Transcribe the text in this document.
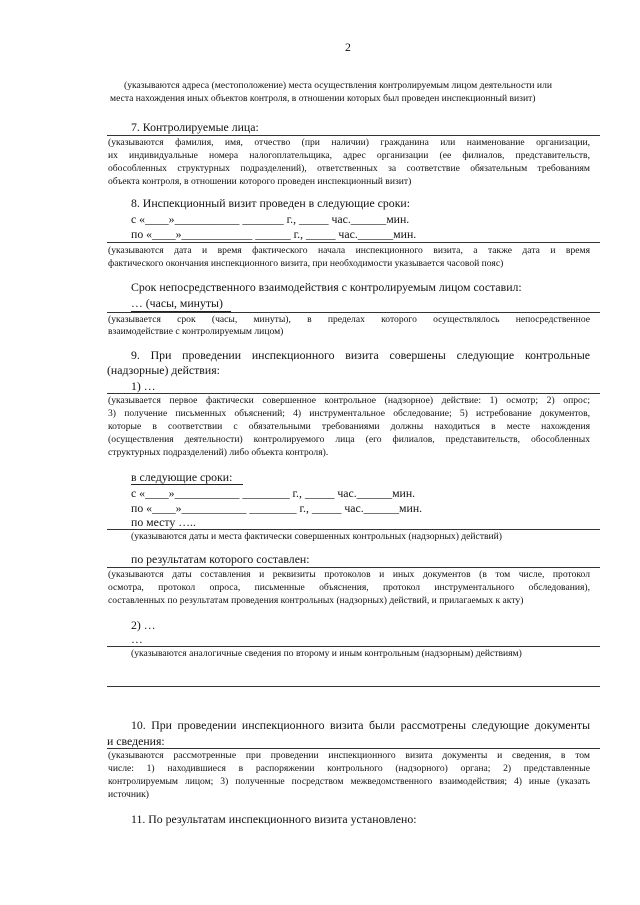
2

(указываются адреса (местоположение) места осуществления контролируемым лицом деятельности или

места нахождения иных объектов контроля, в отношении которых был проведен инспекционный визит)

7. Контролируемые лица:

(указываются фамилия, имя, отчество (при наличии) гражданина или наименование организации,

их индивидуальные номера налогоплательщика, адрес организации (ее филиалов, представительств,

обособленных структурных подразделений), ответственных за соответствие обязательным требованиям

объекта контроля, в отношении которого проведен инспекционный визит)

8. Инспекционный визит проведен в следующие сроки:

с «____»___________ _______ г., _____ час.______мин.

по «____»____________ ______ г., _____ час.______мин.

(указываются дата и время фактического начала инспекционного визита, а также дата и время

фактического окончания инспекционного визита, при необходимости указывается часовой пояс)

Срок непосредственного взаимодействия с контролируемым лицом составил:

… (часы, минуты)

(указывается срок (часы, минуты), в пределах которого осуществлялось непосредственное

взаимодействие с контролируемым лицом)

9. При проведении инспекционного визита совершены следующие контрольные

(надзорные) действия:

1) …

(указывается первое фактически совершенное контрольное (надзорное) действие: 1) осмотр; 2) опрос;

3) получение письменных объяснений; 4) инструментальное обследование; 5) истребование документов,

которые в соответствии с обязательными требованиями должны находиться в месте нахождения

(осуществления деятельности) контролируемого лица (его филиалов, представительств, обособленных

структурных подразделений) либо объекта контроля).

в следующие сроки:

с «____»___________ ________ г., _____ час.______мин.

по «____»___________ ________ г., _____ час.______мин.

по месту …..

(указываются даты и места фактически совершенных контрольных (надзорных) действий)

по результатам которого составлен:

(указываются даты составления и реквизиты протоколов и иных документов (в том числе, протокол

осмотра, протокол опроса, письменные объяснения, протокол инструментального обследования),

составленных по результатам проведения контрольных (надзорных) действий, и прилагаемых к акту)

2) …

…

(указываются аналогичные сведения по второму и иным контрольным (надзорным) действиям)

10. При проведении инспекционного визита были рассмотрены следующие документы

и сведения:

(указываются рассмотренные при проведении инспекционного визита документы и сведения, в том

числе: 1) находившиеся в распоряжении контрольного (надзорного) органа; 2) представленные

контролируемым лицом; 3) полученные посредством межведомственного взаимодействия; 4) иные (указать

источник)

11. По результатам инспекционного визита установлено:
